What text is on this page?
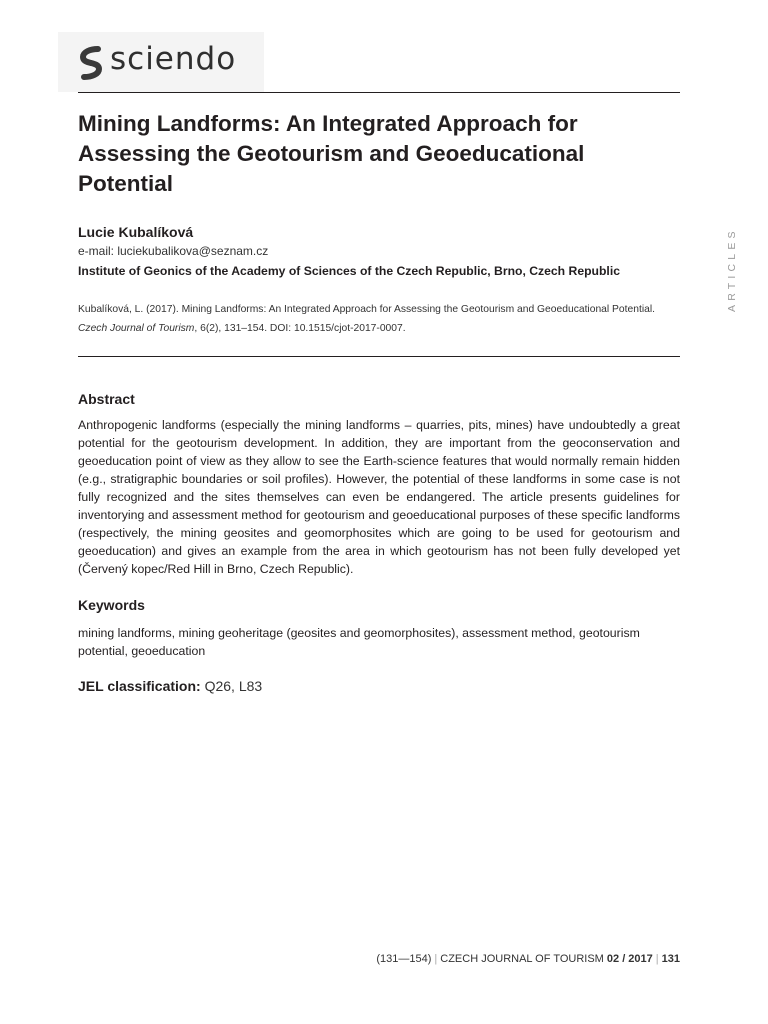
sciendo
Mining Landforms: An Integrated Approach for Assessing the Geotourism and Geoeducational Potential
Lucie Kubalíková
e-mail: luciekubalikova@seznam.cz
Institute of Geonics of the Academy of Sciences of the Czech Republic, Brno, Czech Republic
Kubalíková, L. (2017). Mining Landforms: An Integrated Approach for Assessing the Geotourism and Geoeducational Potential. Czech Journal of Tourism, 6(2), 131–154. DOI: 10.1515/cjot-2017-0007.
ARTICLES
Abstract

Anthropogenic landforms (especially the mining landforms – quarries, pits, mines) have undoubtedly a great potential for the geotourism development. In addition, they are important from the geoconservation and geoeducation point of view as they allow to see the Earth-science features that would normally remain hidden (e.g., stratigraphic boundaries or soil profiles). However, the potential of these landforms in some case is not fully recognized and the sites themselves can even be endangered. The article presents guidelines for inventorying and assessment method for geotourism and geoeducational purposes of these specific landforms (respectively, the mining geosites and geomorphosites which are going to be used for geotourism and geoeducation) and gives an example from the area in which geotourism has not been fully developed yet (Červený kopec/Red Hill in Brno, Czech Republic).

Keywords

mining landforms, mining geoheritage (geosites and geomorphosites), assessment method, geotourism potential, geoeducation

JEL classification: Q26, L83
(131—154) | CZECH JOURNAL OF TOURISM 02 / 2017 | 131
